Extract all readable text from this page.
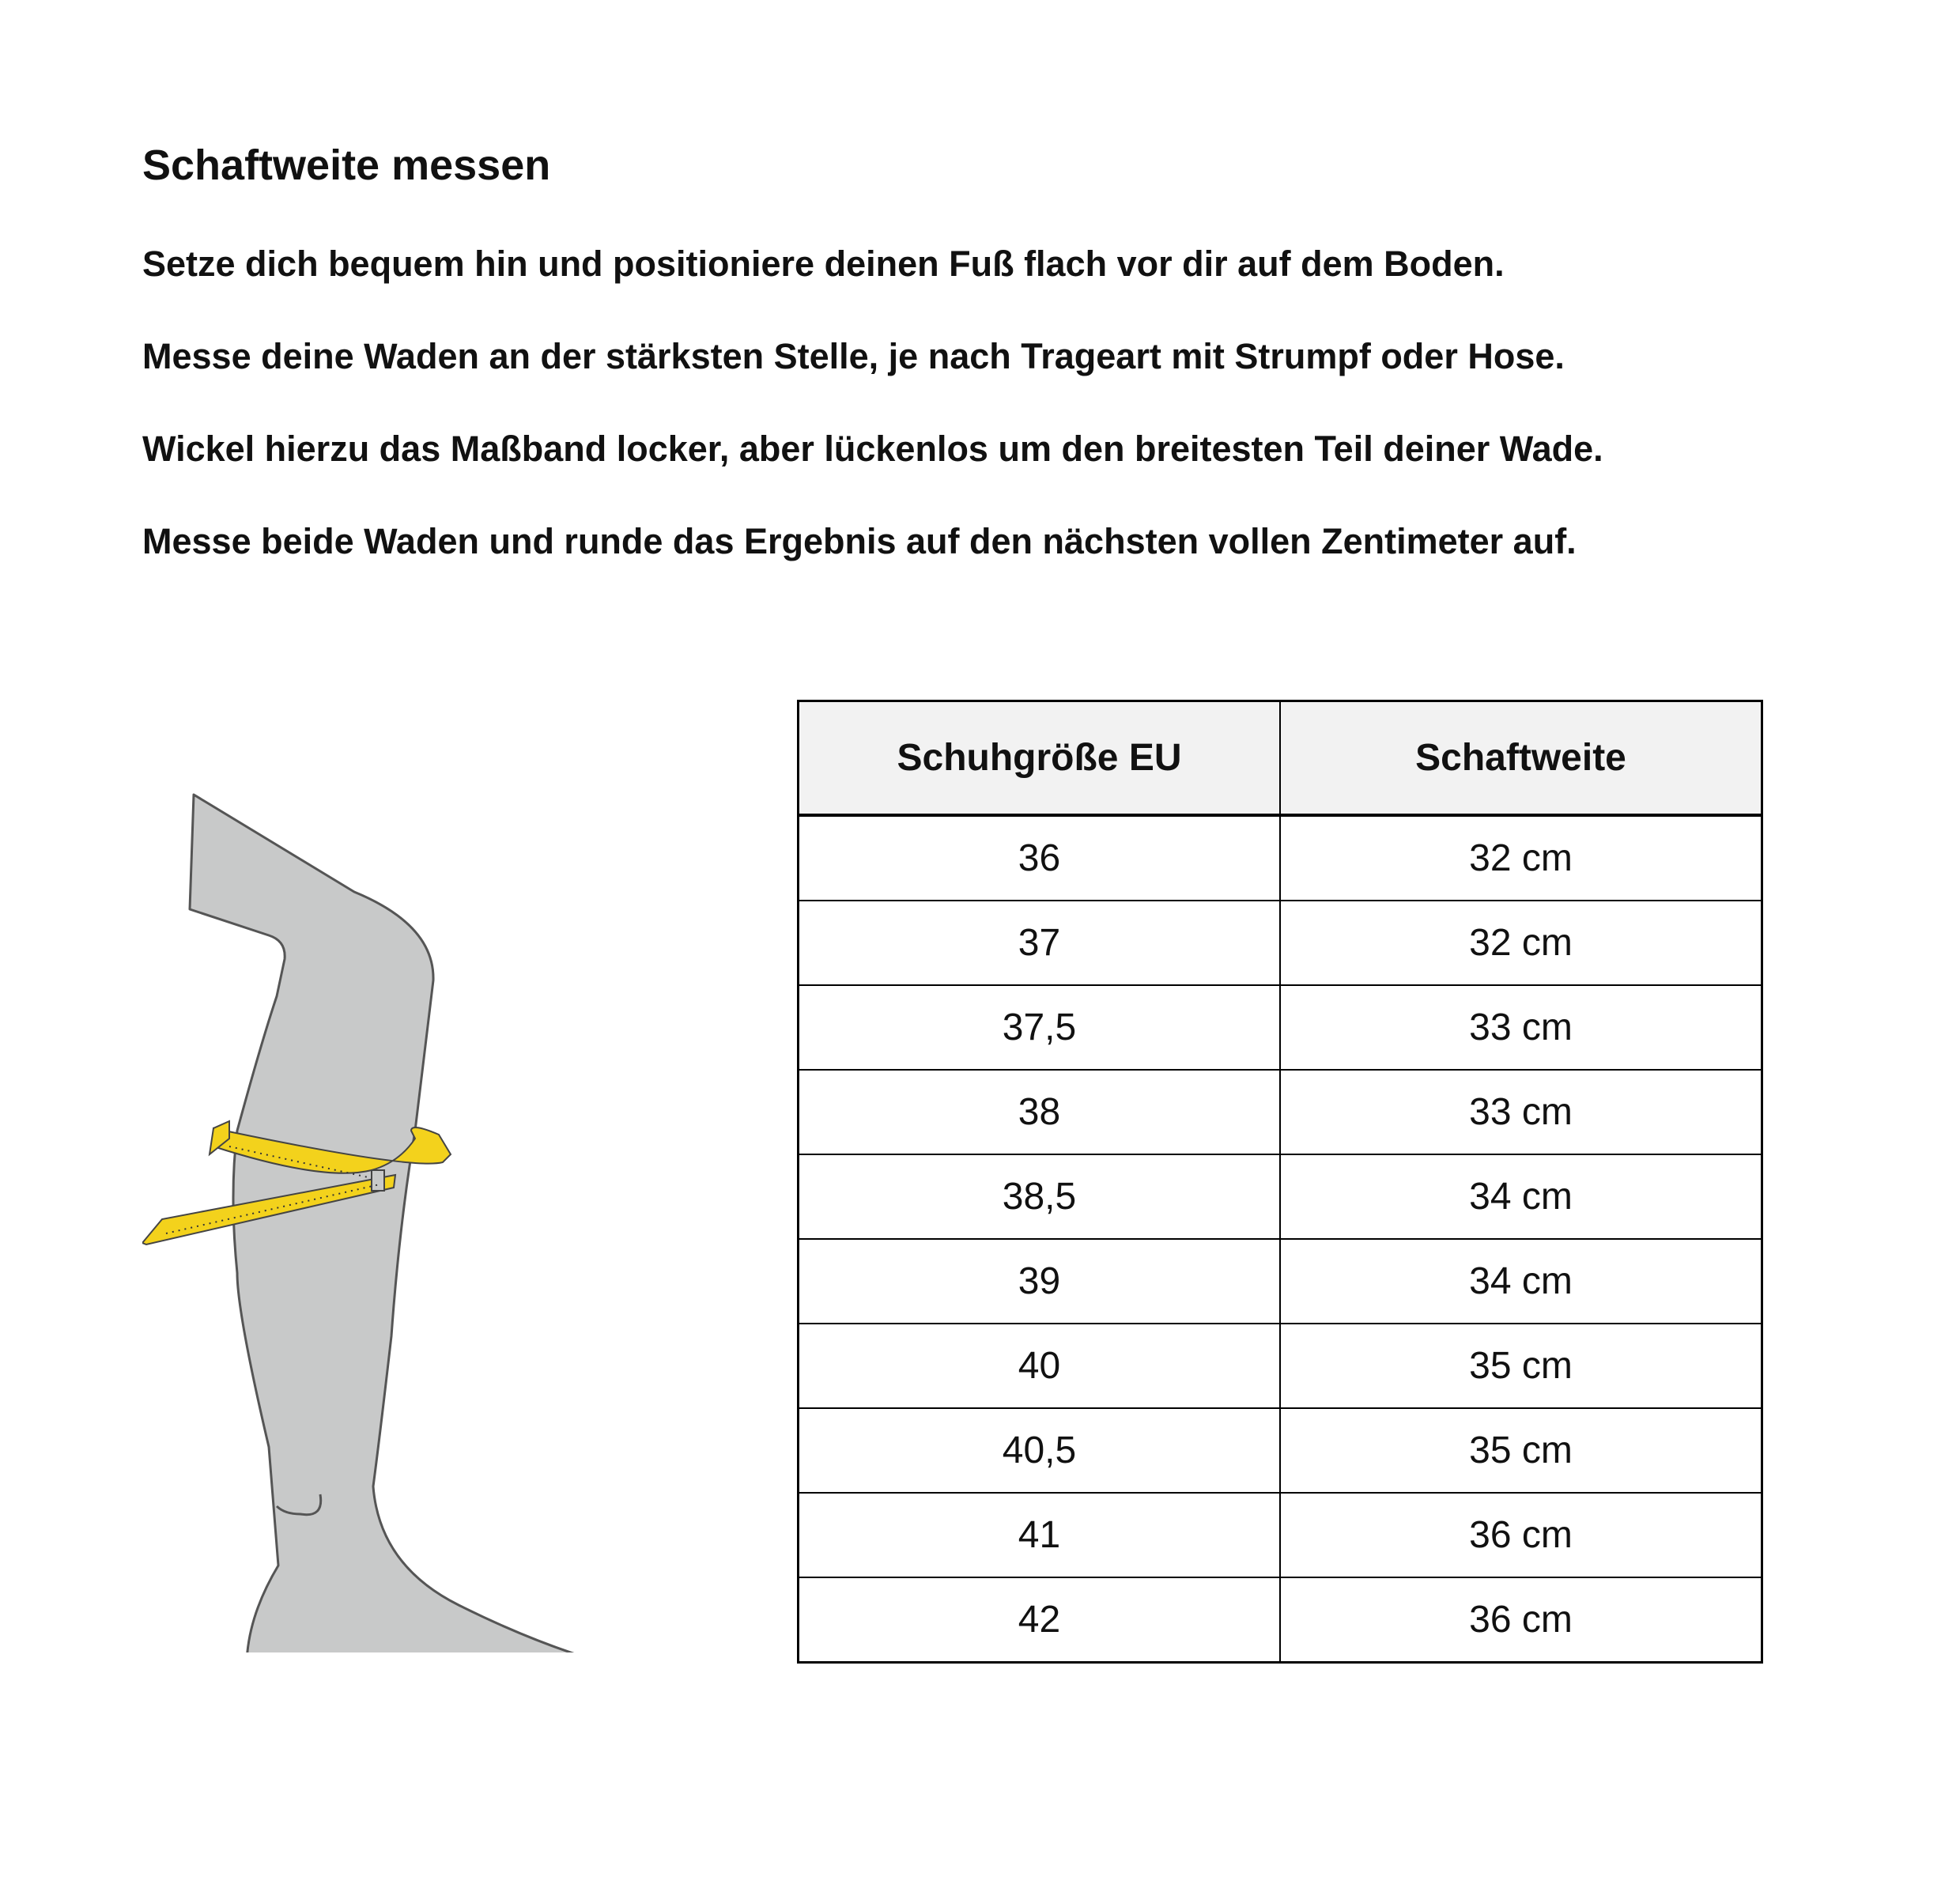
Schaftweite messen

Setze dich bequem hin und positioniere deinen Fuß flach vor dir auf dem Boden.

Messe deine Waden an der stärksten Stelle, je nach Trageart mit Strumpf oder Hose.

Wickel hierzu das Maßband locker, aber lückenlos um den breitesten Teil deiner Wade.

Messe beide Waden und runde das Ergebnis auf den nächsten vollen Zentimeter auf.

Schuhgröße EU	Schaftweite
36	32 cm
37	32 cm
37,5	33 cm
38	33 cm
38,5	34 cm
39	34 cm
40	35 cm
40,5	35 cm
41	36 cm
42	36 cm
